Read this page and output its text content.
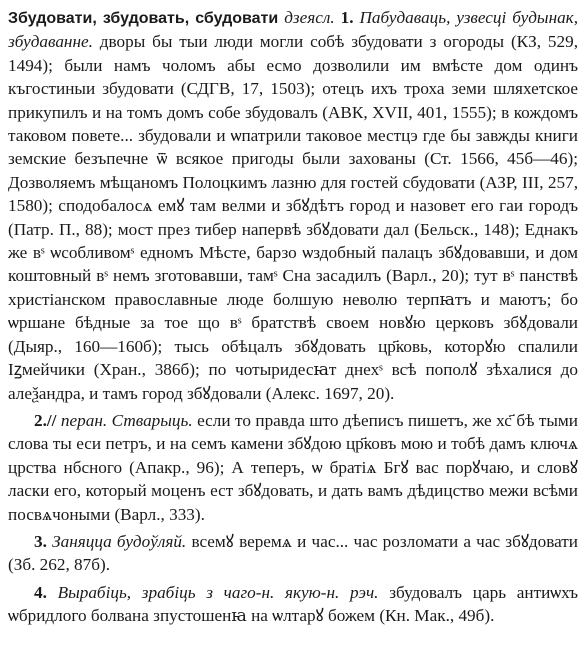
Збудовати, збудовать, сбудовати дзеясл. 1. Пабудаваць, узвесці будынак, збудаванне. дворы бы тыи люди могли собѣ збудовати з огороды (КЗ, 529, 1494); были намъ чоломъ абы есмо дозволили им вмѣсте дом одинъ къгостиныи збудовати (СДГВ, 17, 1503); отецъ ихъ троха земи шляхетское прикупилъ и на томъ домъ собе збудовалъ (АВК, XVII, 401, 1555); в кождомъ таковом повете... збудовали и ѡпатрили таковое местцэ где бы завжды книги земские безъпечне ѿ всякое пригоды были захованы (Ст. 1566, 45б—46); Дозволяемъ мѣщаномъ Полоцкимъ лазню для гостей сбудовати (АЗР, III, 257, 1580); сподобалосѧ емꙋ там велми и збꙋдѣтъ город и назовет его гаи городъ (Патр. П., 88); мост през тибер напервѣ збꙋдовати дал (Бельск., 148); Еднакъ же вˢ ѡсобливомˢ едномъ Мѣсте, барзо ѡздобный палацъ збꙋдовавши, и дом коштовный вˢ немъ зготовавши, тамˢ Сна засадилъ (Варл., 20); тут вˢ панствѣ христіанском православные люде болшую неволю терпꙗтъ и маютъ; бо ѡршане бѣдные за тое що вˢ братствѣ своем новꙋю церковъ збꙋдовали (Дыяр., 160—160б); тысь обѣцалъ збꙋдовать цр҃ковь, которꙋю спалили Іꙁмейчики (Хран., 386б); по чотыридесꙗт днехˢ всѣ пополꙋ зѣхалися до алеѯандра, и тамъ город збꙋдовали (Алекс. 1697, 20).

2.// перан. Стварыць. если то правда што дѣеписъ пишетъ, же хс҃ бѣ тыми слова ты еси петръ, и на семъ камени збꙋдою цр҃ковъ мою и тобѣ дамъ ключѧ црства нбсного (Апакр., 96); А теперъ, ѡ братіѧ Бгꙋ вас порꙋчаю, и словꙋ ласки его, который моценъ ест збꙋдовать, и дать вамъ дѣдицство межи всѣми посвѧчоными (Варл., 333).

3. Заняцца будоўляй. всемꙋ веремѧ и час... час розломати а час збꙋдовати (Зб. 262, 87б).

4. Вырабіць, зрабіць з чаго-н. якую-н. рэч. збудовалъ царь антиѡхъ ѡбридлого болвана зпустошенꙗ на ѡлтарꙋ божем (Кн. Мак., 49б).
